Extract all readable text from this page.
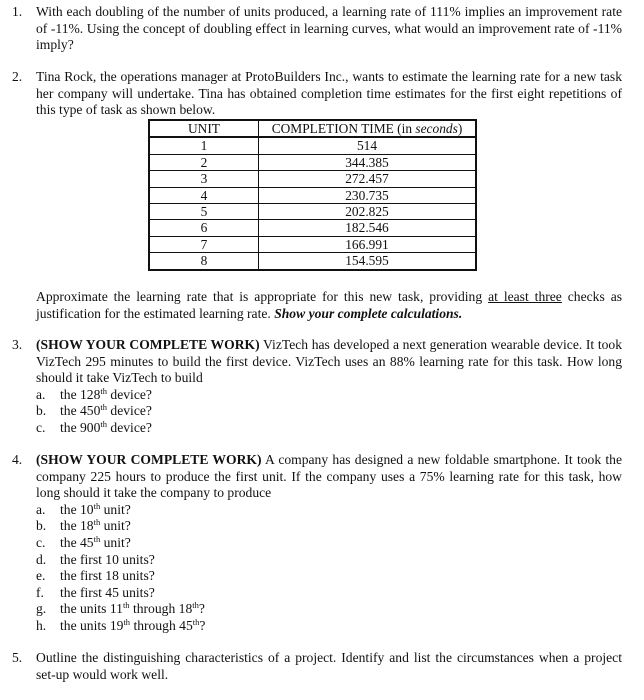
1.	With each doubling of the number of units produced, a learning rate of 111% implies an improvement rate of -11%. Using the concept of doubling effect in learning curves, what would an improvement rate of -11% imply?
2.	Tina Rock, the operations manager at ProtoBuilders Inc., wants to estimate the learning rate for a new task her company will undertake. Tina has obtained completion time estimates for the first eight repetitions of this type of task as shown below.
UNIT	COMPLETION TIME (in seconds)
1	514
2	344.385
3	272.457
4	230.735
5	202.825
6	182.546
7	166.991
8	154.595
Approximate the learning rate that is appropriate for this new task, providing at least three checks as justification for the estimated learning rate. Show your complete calculations.
3.	(SHOW YOUR COMPLETE WORK) VizTech has developed a next generation wearable device. It took VizTech 295 minutes to build the first device. VizTech uses an 88% learning rate for this task. How long should it take VizTech to build
a.	the 128th device?
b.	the 450th device?
c.	the 900th device?
4.	(SHOW YOUR COMPLETE WORK) A company has designed a new foldable smartphone. It took the company 225 hours to produce the first unit. If the company uses a 75% learning rate for this task, how long should it take the company to produce
a.	the 10th unit?
b.	the 18th unit?
c.	the 45th unit?
d.	the first 10 units?
e.	the first 18 units?
f.	the first 45 units?
g.	the units 11th through 18th?
h.	the units 19th through 45th?
5.	Outline the distinguishing characteristics of a project. Identify and list the circumstances when a project set-up would work well.
